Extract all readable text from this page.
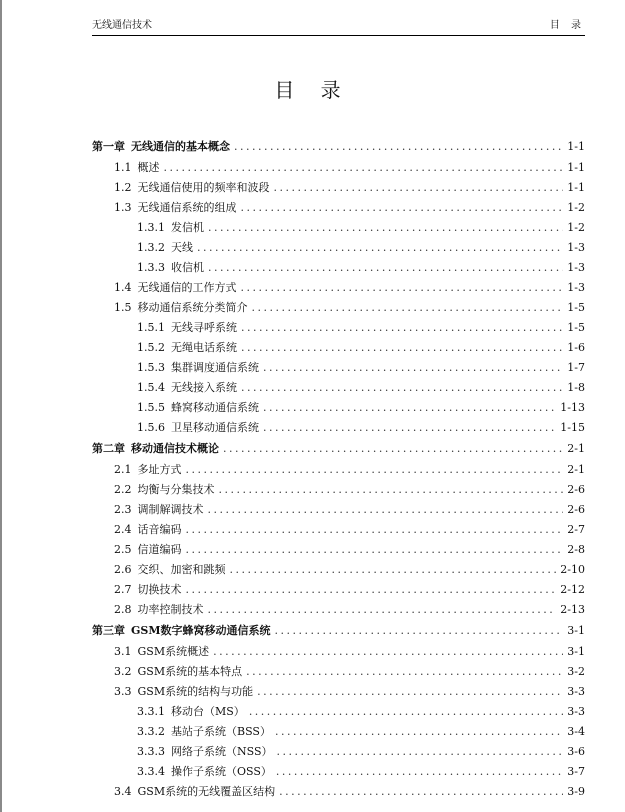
无线通信技术	目 录
目 录
第一章 无线通信的基本概念 .....	1-1
1.1 概述 .....	1-1
1.2 无线通信使用的频率和波段 .....	1-1
1.3 无线通信系统的组成 .....	1-2
1.3.1 发信机 .....	1-2
1.3.2 天线 .....	1-3
1.3.3 收信机 .....	1-3
1.4 无线通信的工作方式 .....	1-3
1.5 移动通信系统分类简介 .....	1-5
1.5.1 无线寻呼系统 .....	1-5
1.5.2 无绳电话系统 .....	1-6
1.5.3 集群调度通信系统 .....	1-7
1.5.4 无线接入系统 .....	1-8
1.5.5 蜂窝移动通信系统 .....	1-13
1.5.6 卫星移动通信系统 .....	1-15
第二章 移动通信技术概论 .....	2-1
2.1 多址方式 .....	2-1
2.2 均衡与分集技术 .....	2-6
2.3 调制解调技术 .....	2-6
2.4 话音编码 .....	2-7
2.5 信道编码 .....	2-8
2.6 交织、加密和跳频 .....	2-10
2.7 切换技术 .....	2-12
2.8 功率控制技术 .....	2-13
第三章 GSM数字蜂窝移动通信系统 .....	3-1
3.1 GSM系统概述 .....	3-1
3.2 GSM系统的基本特点 .....	3-2
3.3 GSM系统的结构与功能 .....	3-3
3.3.1 移动台（MS） .....	3-3
3.3.2 基站子系统（BSS） .....	3-4
3.3.3 网络子系统（NSS） .....	3-6
3.3.4 操作子系统（OSS） .....	3-7
3.4 GSM系统的无线覆盖区结构 .....	3-9
